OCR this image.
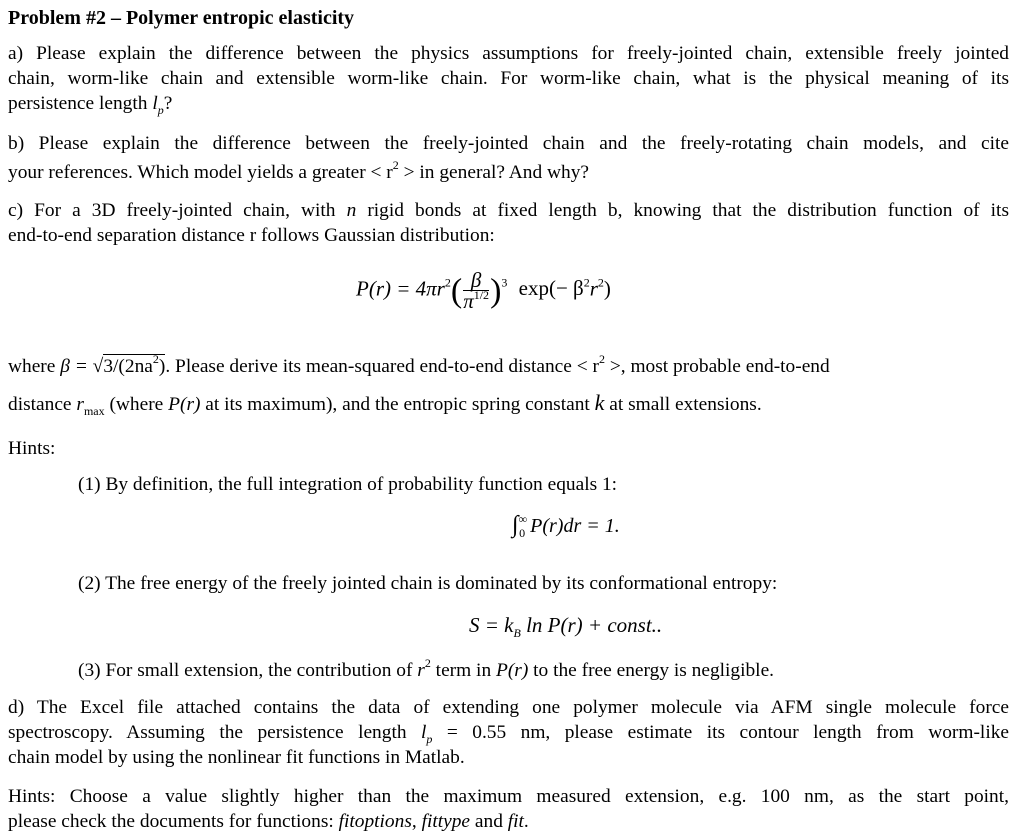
Problem #2 – Polymer entropic elasticity
a) Please explain the difference between the physics assumptions for freely-jointed chain, extensible freely jointed
chain, worm-like chain and extensible worm-like chain. For worm-like chain, what is the physical meaning of its
persistence length $l_p$?
b) Please explain the difference between the freely-jointed chain and the freely-rotating chain models, and cite
your references. Which model yields a greater < $r^2$ > in general? And why?
c) For a 3D freely-jointed chain, with n rigid bonds at fixed length b, knowing that the distribution function of its
end-to-end separation distance r follows Gaussian distribution:
$P(r) = 4\pi r^2( \frac{\beta}{\pi^{1/2}} )^3$ $\exp(- \beta^2r^2)$
where $\beta = √3/(2na^2)$. Please derive its mean-squared end-to-end distance < $r^2$ >, most probable end-to-end
distance $r_{max}$ (where P(r) at its maximum), and the entropic spring constant k at small extensions.
Hints:
(1) By definition, the full integration of probability function equals 1:
$\int^\infty_0$ P(r)dr = 1.
(2) The free energy of the freely jointed chain is dominated by its conformational entropy:
$S = k_B$ ln P(r) + const..
(3) For small extension, the contribution of $r^2$ term in P(r) to the free energy is negligible.
d) The Excel file attached contains the data of extending one polymer molecule via AFM single molecule force
spectroscopy. Assuming the persistence length $l_p = 0.55$ nm, please estimate its contour length from worm-like
chain model by using the nonlinear fit functions in Matlab.
Hints: Choose a value slightly higher than the maximum measured extension, e.g. 100 nm, as the start point,
please check the documents for functions: fitoptions, fittype and fit.
